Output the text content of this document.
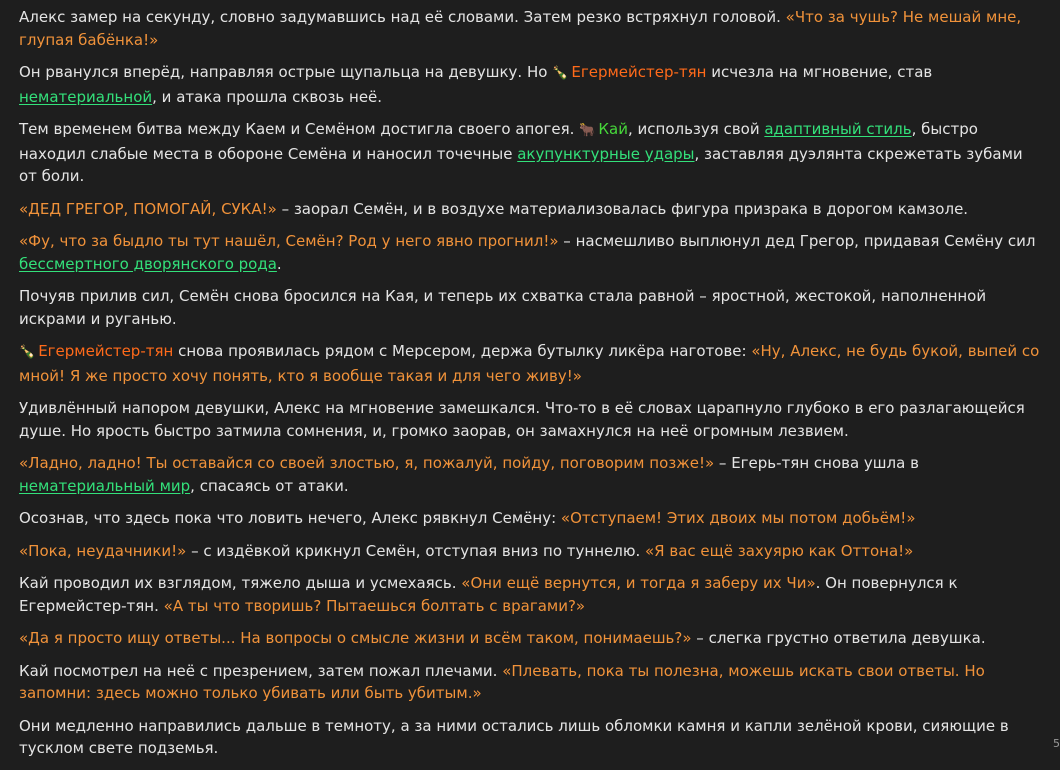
Алекс замер на секунду, словно задумавшись над её словами. Затем резко встряхнул головой. «Что за чушь? Не мешай мне, глупая бабёнка!»

Он рванулся вперёд, направляя острые щупальца на девушку. Но 🍾 Егермейстер-тян исчезла на мгновение, став нематериальной, и атака прошла сквозь неё.

Тем временем битва между Каем и Семёном достигла своего апогея. 🐂 Кай, используя свой адаптивный стиль, быстро находил слабые места в обороне Семёна и наносил точечные акупунктурные удары, заставляя дуэлянта скрежетать зубами от боли.

«ДЕД ГРЕГОР, ПОМОГАЙ, СУКА!» – заорал Семён, и в воздухе материализовалась фигура призрака в дорогом камзоле.

«Фу, что за быдло ты тут нашёл, Семён? Род у него явно прогнил!» – насмешливо выплюнул дед Грегор, придавая Семёну сил бессмертного дворянского рода.

Почуяв прилив сил, Семён снова бросился на Кая, и теперь их схватка стала равной – яростной, жестокой, наполненной искрами и руганью.

🍾 Егермейстер-тян снова проявилась рядом с Мерсером, держа бутылку ликёра наготове: «Ну, Алекс, не будь букой, выпей со мной! Я же просто хочу понять, кто я вообще такая и для чего живу!»

Удивлённый напором девушки, Алекс на мгновение замешкался. Что-то в её словах царапнуло глубоко в его разлагающейся душе. Но ярость быстро затмила сомнения, и, громко заорав, он замахнулся на неё огромным лезвием.

«Ладно, ладно! Ты оставайся со своей злостью, я, пожалуй, пойду, поговорим позже!» – Егерь-тян снова ушла в нематериальный мир, спасаясь от атаки.

Осознав, что здесь пока что ловить нечего, Алекс рявкнул Семёну: «Отступаем! Этих двоих мы потом добьём!»

«Пока, неудачники!» – с издёвкой крикнул Семён, отступая вниз по туннелю. «Я вас ещё захуярю как Оттона!»

Кай проводил их взглядом, тяжело дыша и усмехаясь. «Они ещё вернутся, и тогда я заберу их Чи». Он повернулся к Егермейстер-тян. «А ты что творишь? Пытаешься болтать с врагами?»

«Да я просто ищу ответы... На вопросы о смысле жизни и всём таком, понимаешь?» – слегка грустно ответила девушка.

Кай посмотрел на неё с презрением, затем пожал плечами. «Плевать, пока ты полезна, можешь искать свои ответы. Но запомни: здесь можно только убивать или быть убитым.»

Они медленно направились дальше в темноту, а за ними остались лишь обломки камня и капли зелёной крови, сияющие в тусклом свете подземья.	5
